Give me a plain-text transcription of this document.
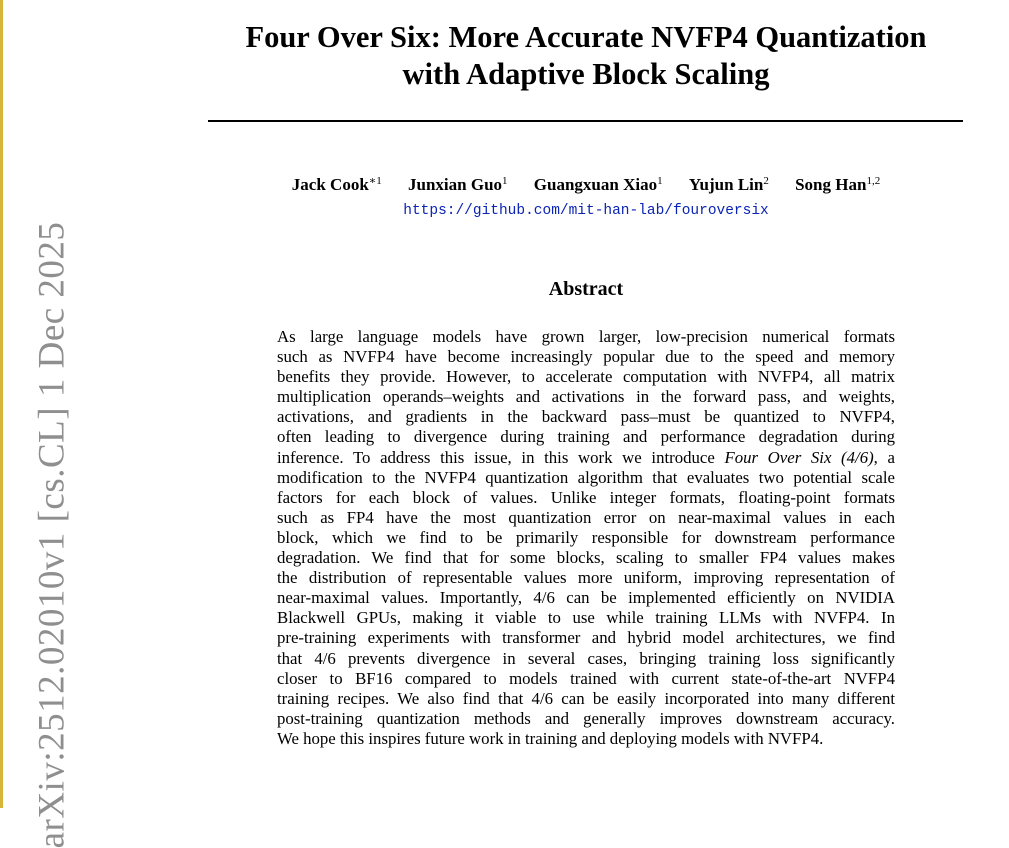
arXiv:2512.02010v1 [cs.CL] 1 Dec 2025
Four Over Six: More Accurate NVFP4 Quantization
with Adaptive Block Scaling
Jack Cook$^{∗1}$ Junxian Guo$^1$ Guangxuan Xiao$^1$ Yujun Lin$^2$ Song Han$^{1,2}$
https://github.com/mit-han-lab/fouroversix
Abstract
As large language models have grown larger, low-precision numerical formats
such as NVFP4 have become increasingly popular due to the speed and memory
benefits they provide. However, to accelerate computation with NVFP4, all matrix
multiplication operands–weights and activations in the forward pass, and weights,
activations, and gradients in the backward pass–must be quantized to NVFP4,
often leading to divergence during training and performance degradation during
inference. To address this issue, in this work we introduce Four Over Six (4/6), a
modification to the NVFP4 quantization algorithm that evaluates two potential scale
factors for each block of values. Unlike integer formats, floating-point formats
such as FP4 have the most quantization error on near-maximal values in each
block, which we find to be primarily responsible for downstream performance
degradation. We find that for some blocks, scaling to smaller FP4 values makes
the distribution of representable values more uniform, improving representation of
near-maximal values. Importantly, 4/6 can be implemented efficiently on NVIDIA
Blackwell GPUs, making it viable to use while training LLMs with NVFP4. In
pre-training experiments with transformer and hybrid model architectures, we find
that 4/6 prevents divergence in several cases, bringing training loss significantly
closer to BF16 compared to models trained with current state-of-the-art NVFP4
training recipes. We also find that 4/6 can be easily incorporated into many different
post-training quantization methods and generally improves downstream accuracy.
We hope this inspires future work in training and deploying models with NVFP4.
